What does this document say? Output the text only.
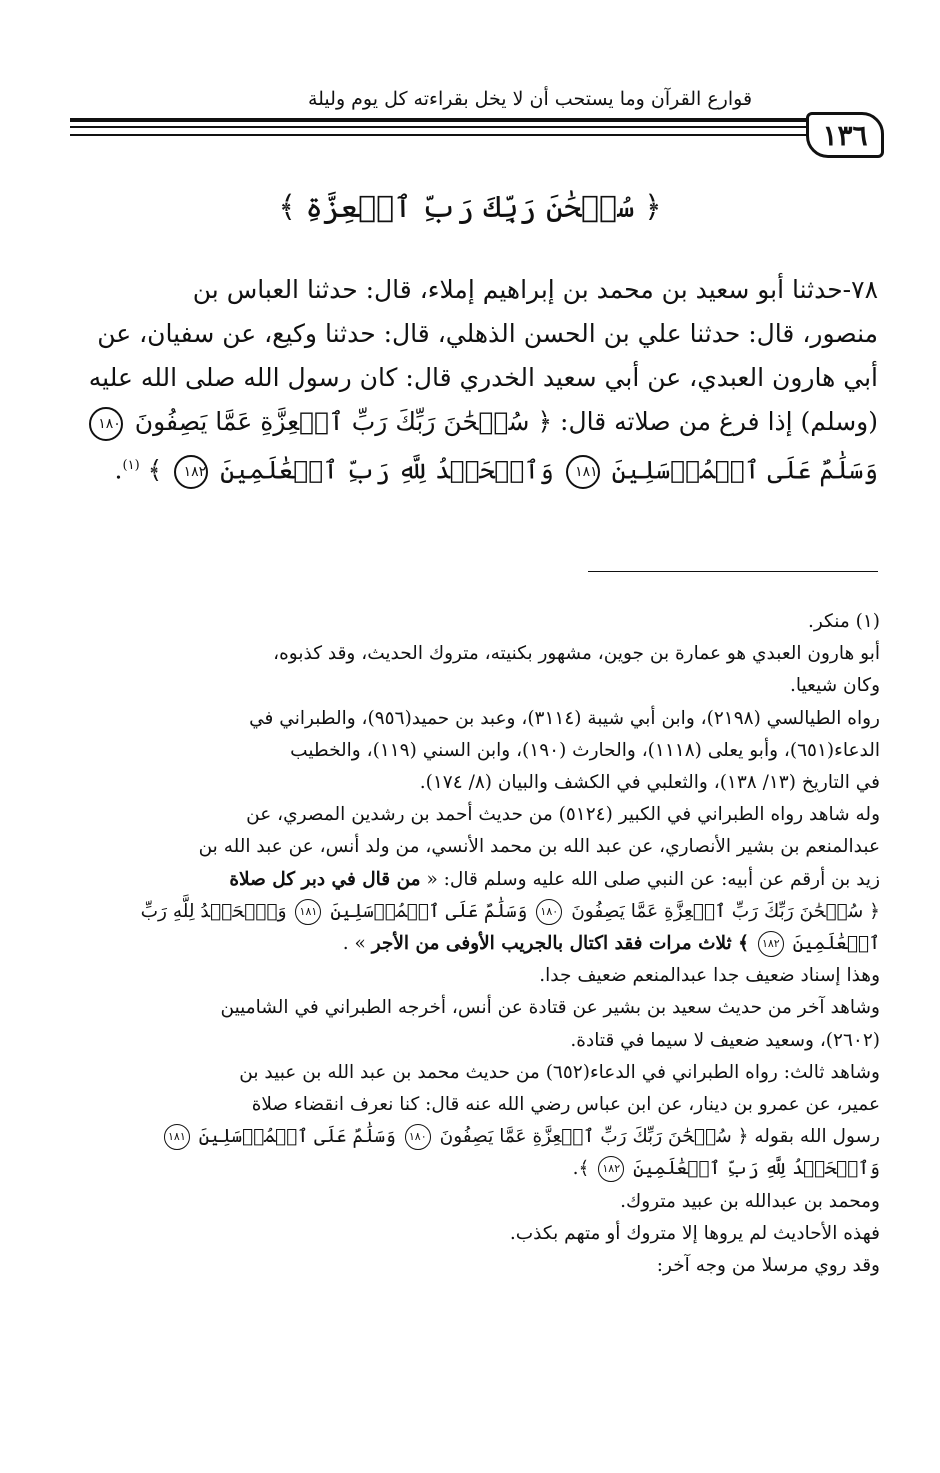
قوارع القرآن وما يستحب أن لا يخل بقراءته كل يوم وليلة
١٣٦
﴿ سُبۡحَٰنَ رَبِّكَ رَبِّ ٱلۡعِزَّةِ ﴾
٧٨-حدثنا أبو سعيد بن محمد بن إبراهيم إملاء، قال: حدثنا العباس بن
منصور، قال: حدثنا علي بن الحسن الذهلي، قال: حدثنا وكيع، عن سفيان، عن
أبي هارون العبدي، عن أبي سعيد الخدري قال: كان رسول الله صلى الله عليه
(وسلم) إذا فرغ من صلاته قال: ﴿ سُبۡحَٰنَ رَبِّكَ رَبِّ ٱلۡعِزَّةِ عَمَّا يَصِفُونَ ١٨٠
وَسَلَٰمٌ عَلَى ٱلۡمُرۡسَلِينَ ١٨١ وَٱلۡحَمۡدُ لِلَّهِ رَبِّ ٱلۡعَٰلَمِينَ ١٨٢ ﴾ $^{(١)}$.
(١) منكر.
أبو هارون العبدي هو عمارة بن جوين، مشهور بكنيته، متروك الحديث، وقد كذبوه،
وكان شيعيا.
رواه الطيالسي (٢١٩٨)، وابن أبي شيبة (٣١١٤)، وعبد بن حميد(٩٥٦)، والطبراني في
الدعاء(٦٥١)، وأبو يعلى (١١١٨)، والحارث (١٩٠)، وابن السني (١١٩)، والخطيب
في التاريخ (١٣/ ١٣٨)، والثعلبي في الكشف والبيان (٨/ ١٧٤).
وله شاهد رواه الطبراني في الكبير (٥١٢٤) من حديث أحمد بن رشدين المصري، عن
عبدالمنعم بن بشير الأنصاري، عن عبد الله بن محمد الأنسي، من ولد أنس، عن عبد الله بن
زيد بن أرقم عن أبيه: عن النبي صلى الله عليه وسلم قال: « من قال في دبر كل صلاة
﴿ سُبۡحَٰنَ رَبِّكَ رَبِّ ٱلۡعِزَّةِ عَمَّا يَصِفُونَ ١٨٠ وَسَلَٰمٌ عَلَى ٱلۡمُرۡسَلِينَ ١٨١ وَٱلۡحَمۡدُ لِلَّهِ رَبِّ
ٱلۡعَٰلَمِينَ ١٨٢ ﴾ ثلاث مرات فقد اكتال بالجريب الأوفى من الأجر » .
وهذا إسناد ضعيف جدا عبدالمنعم ضعيف جدا.
وشاهد آخر من حديث سعيد بن بشير عن قتادة عن أنس، أخرجه الطبراني في الشاميين
(٢٦٠٢)، وسعيد ضعيف لا سيما في قتادة.
وشاهد ثالث: رواه الطبراني في الدعاء(٦٥٢) من حديث محمد بن عبد الله بن عبيد بن
عمير، عن عمرو بن دينار، عن ابن عباس رضي الله عنه قال: كنا نعرف انقضاء صلاة
رسول الله بقوله ﴿ سُبۡحَٰنَ رَبِّكَ رَبِّ ٱلۡعِزَّةِ عَمَّا يَصِفُونَ ١٨٠ وَسَلَٰمٌ عَلَى ٱلۡمُرۡسَلِينَ ١٨١
وَٱلۡحَمۡدُ لِلَّهِ رَبِّ ٱلۡعَٰلَمِينَ ١٨٢ ﴾.
ومحمد بن عبدالله بن عبيد متروك.
فهذه الأحاديث لم يروها إلا متروك أو متهم بكذب.
وقد روي مرسلا من وجه آخر:
